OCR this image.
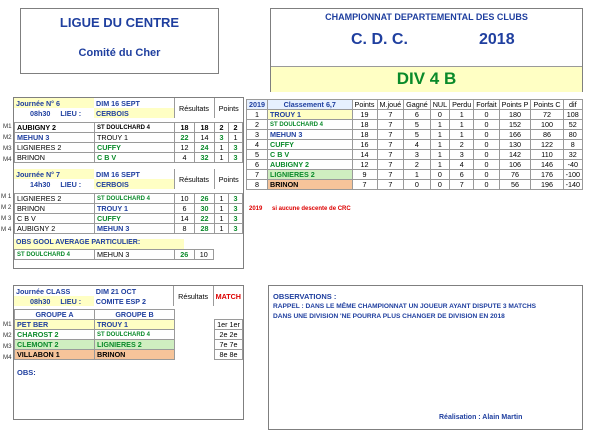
LIGUE DU CENTRE
Comité du Cher
CHAMPIONNAT DEPARTEMENTAL DES CLUBS
C. D. C.	2018
DIV 4 B
Journée N° 6	DIM 16 SEPT	Résultats	Points
08h30 LIEU :	CERBOIS		
AUBIGNY 2	ST DOULCHARD 4	18	18	2	2
MEHUN 3	TROUY 1	22	14	3	1
LIGNIERES 2	CUFFY	12	24	1	3
BRINON	C B V	4	32	1	3
Journée N° 7	DIM 16 SEPT	Résultats	Points
14h30 LIEU :	CERBOIS		
LIGNIERES 2	ST DOULCHARD 4	10	26	1	3
BRINON	TROUY 1	6	30	1	3
C B V	CUFFY	14	22	1	3
AUBIGNY 2	MEHUN 3	8	28	1	3
OBS GOOL AVERAGE PARTICULIER:
ST DOULCHARD 4	MEHUN 3	26	10
M1
M2
M3
M4
M 1
M 2
M 3
M 4
2019	Classement 6,7	Points	M.joué	Gagné	NUL	Perdu	Forfait	Points P	Points C	dif
1	TROUY 1	19	7	6	0	1	0	180	72	108
2	ST DOULCHARD 4	18	7	5	1	1	0	152	100	52
3	MEHUN 3	18	7	5	1	1	0	166	86	80
4	CUFFY	16	7	4	1	2	0	130	122	8
5	C B V	14	7	3	1	3	0	142	110	32
6	AUBIGNY 2	12	7	2	1	4	0	106	146	-40
7	LIGNIERES 2	9	7	1	0	6	0	76	176	-100
8	BRINON	7	7	0	0	7	0	56	196	-140
2019 si aucune descente de CRC
Journée CLASS	DIM 21 OCT	Résultats	MATCH
08h30 LIEU :	COMITE ESP 2		
GROUPE A	GROUPE B		
PET BER	TROUY 1		1er 1er
CHAROST 2	ST DOULCHARD 4		2e 2e
CLEMONT 2	LIGNIERES 2		7e 7e
VILLABON 1	BRINON		8e 8e
OBS:
M1
M2
M3
M4
OBSERVATIONS :
RAPPEL : DANS LE MÊME CHAMPIONNAT UN JOUEUR AYANT DISPUTE 3 MATCHS
DANS UNE DIVISION 'NE POURRA PLUS CHANGER DE DIVISION EN 2018
Réalisation : Alain Martin
